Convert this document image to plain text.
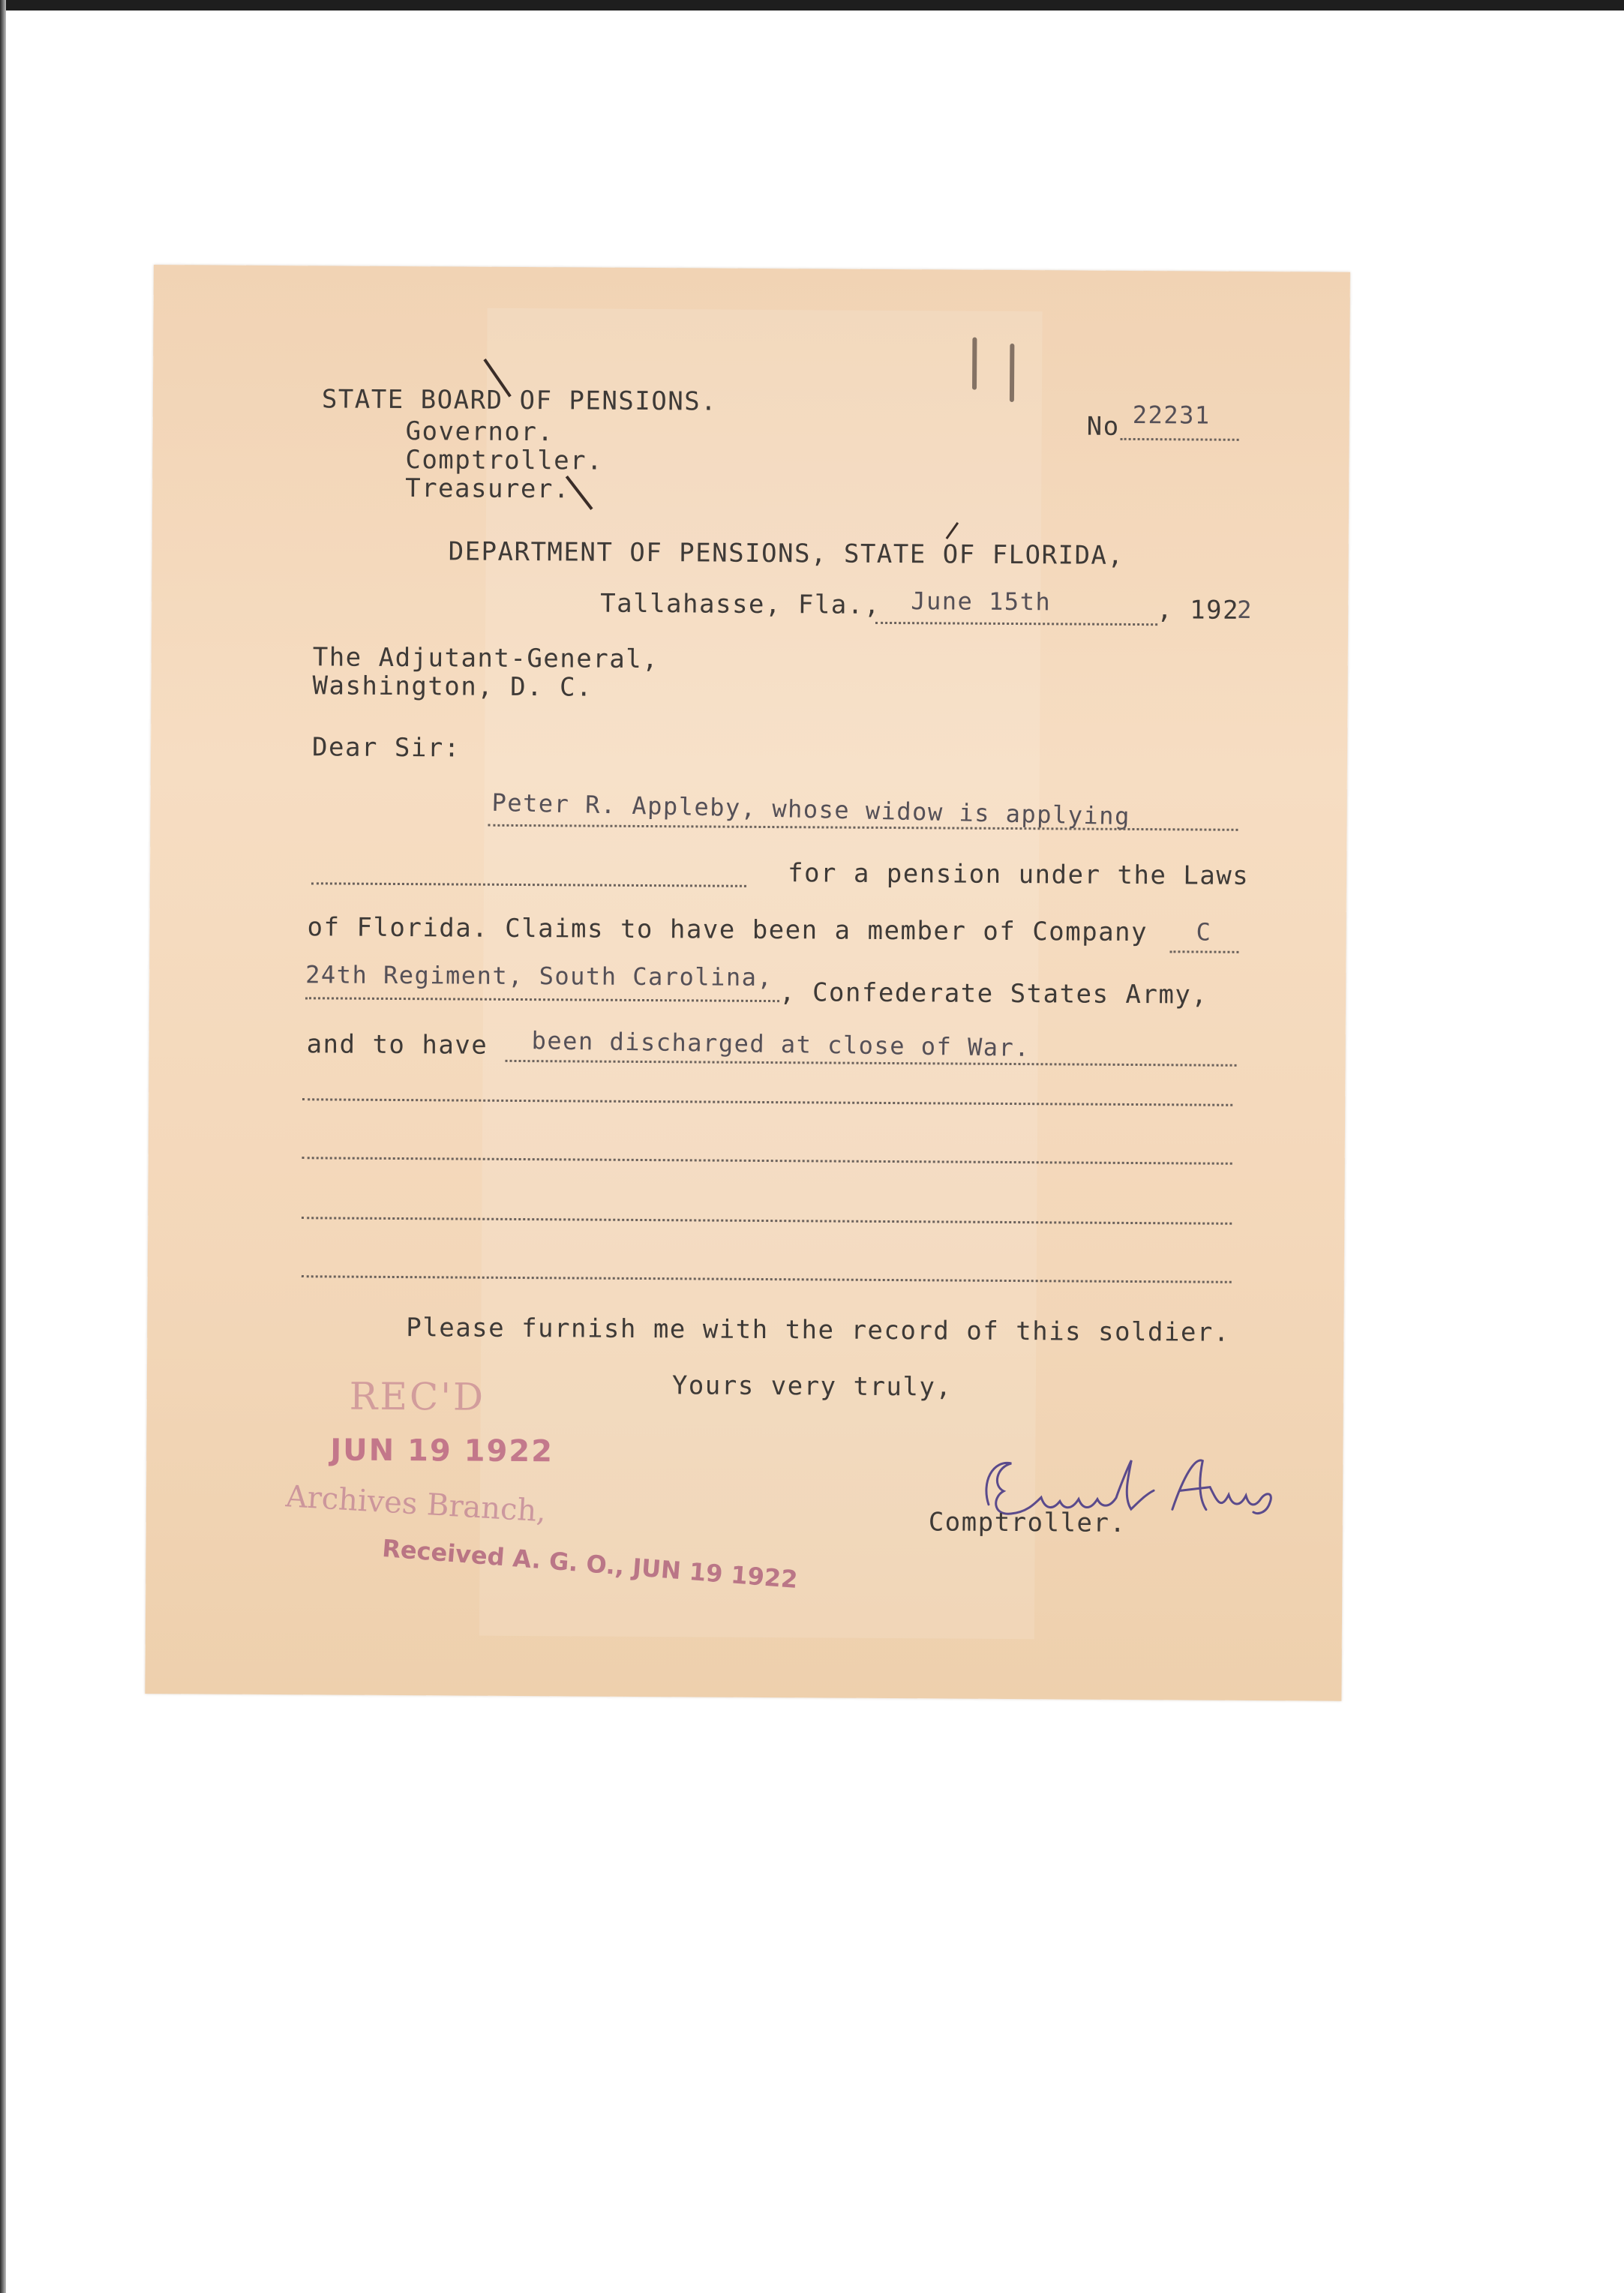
STATE BOARD OF PENSIONS.
Governor.
Comptroller.
Treasurer.
No 22231
DEPARTMENT OF PENSIONS, STATE OF FLORIDA,
Tallahasse, Fla., June 15th	, 192
2
The Adjutant-General,
Washington, D. C.
Dear Sir:
Peter R. Appleby, whose widow is applying
for a pension under the Laws
of Florida. Claims to have been a member of Company C
24th Regiment, South Carolina,
, Confederate States Army,
and to have been discharged at close of War.
Please furnish me with the record of this soldier.
Yours very truly,
Comptroller.
REC'D
JUN 19 1922
Archives Branch,
Received A. G. O., JUN 19 1922
